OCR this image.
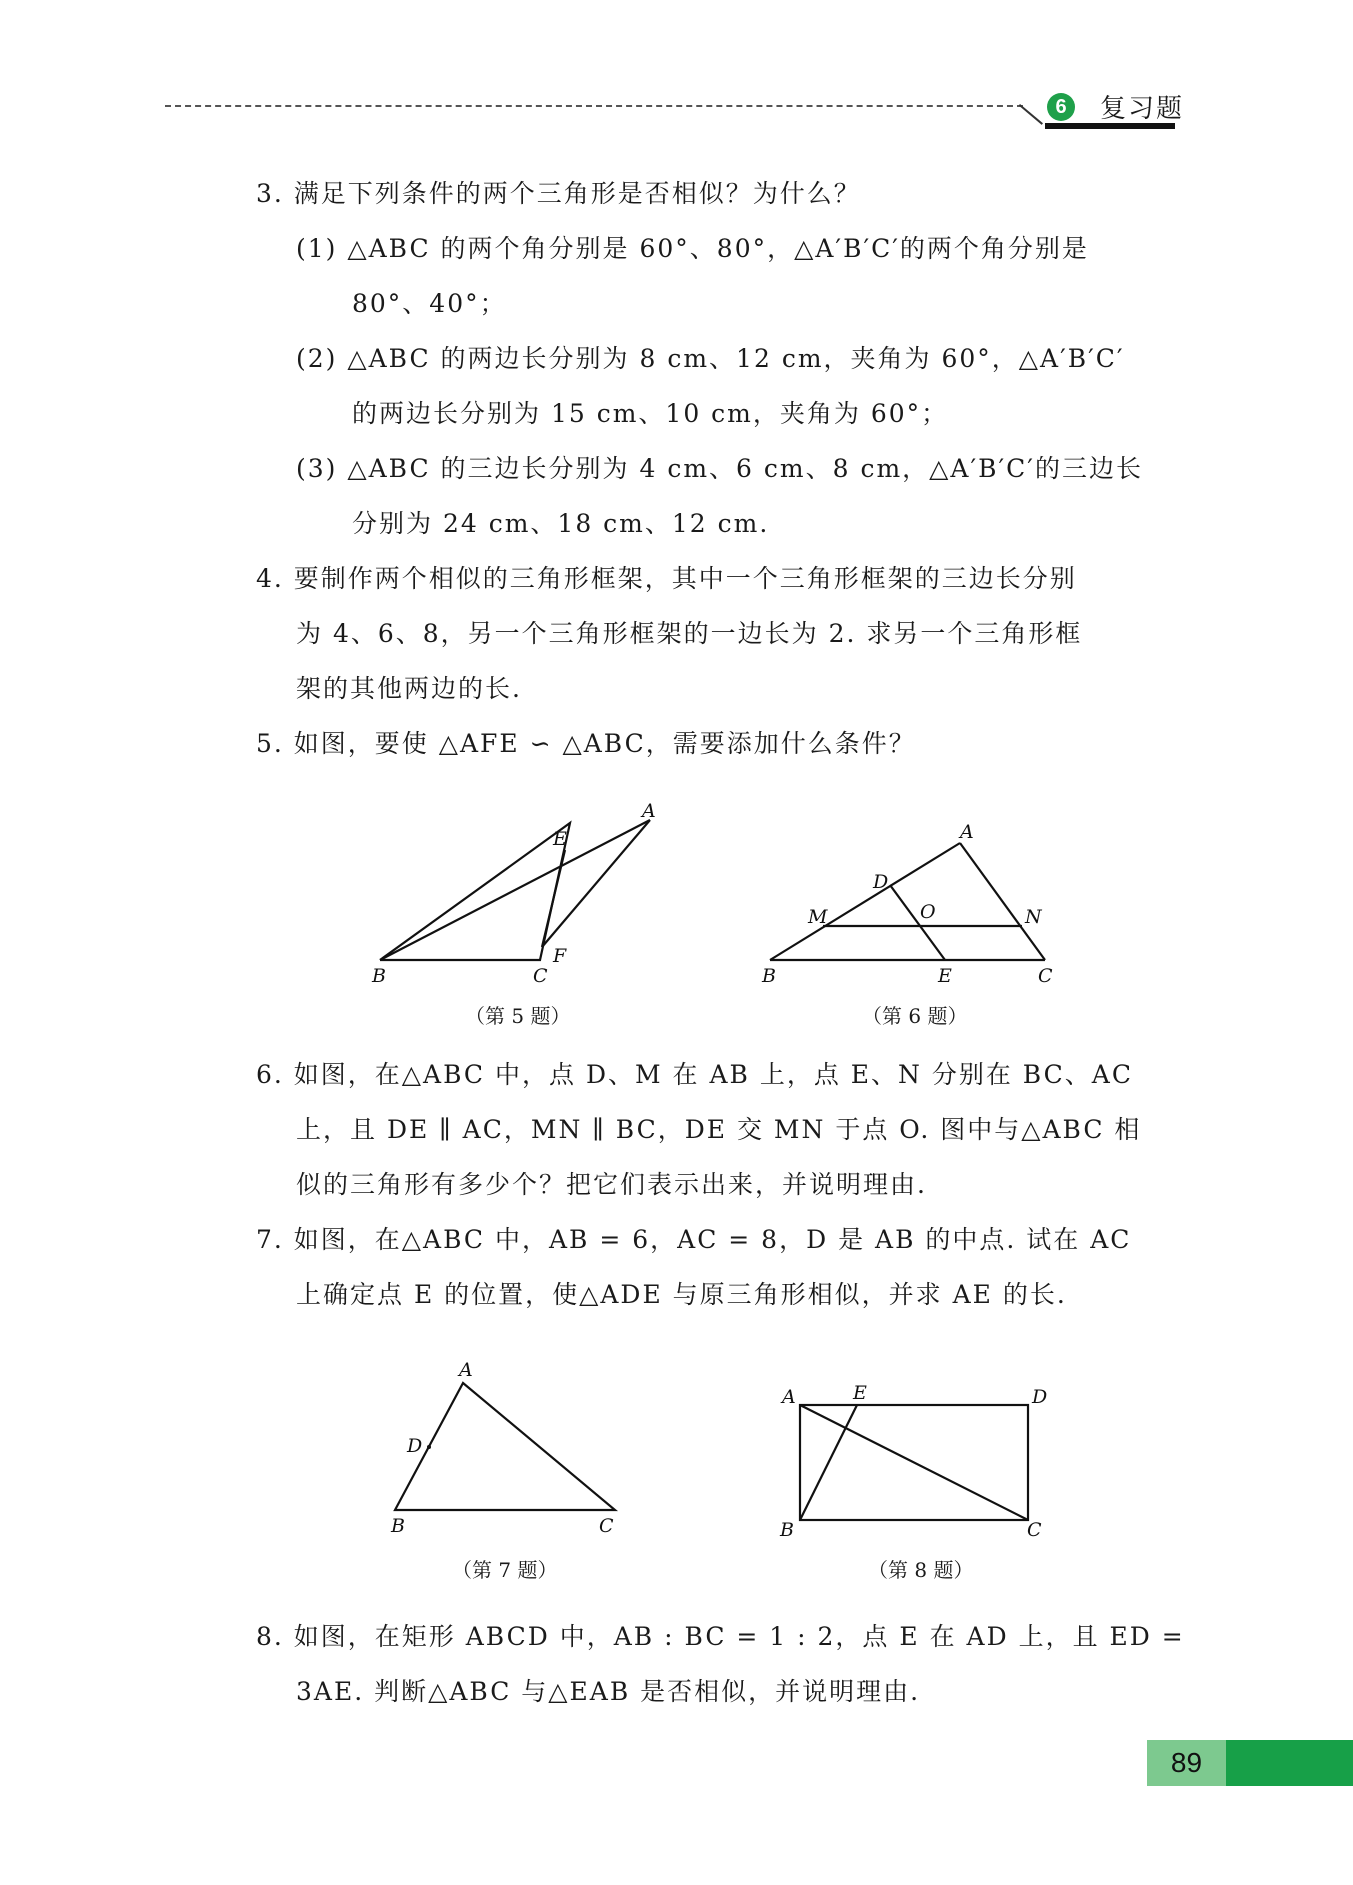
6	复习题
3. 满足下列条件的两个三角形是否相似？为什么？
(1) △ABC 的两个角分别是 60°、80°，△A′B′C′的两个角分别是
80°、40°；
(2) △ABC 的两边长分别为 8 cm、12 cm，夹角为 60°，△A′B′C′
的两边长分别为 15 cm、10 cm，夹角为 60°；
(3) △ABC 的三边长分别为 4 cm、6 cm、8 cm，△A′B′C′的三边长
分别为 24 cm、18 cm、12 cm.
4. 要制作两个相似的三角形框架，其中一个三角形框架的三边长分别
为 4、6、8，另一个三角形框架的一边长为 2. 求另一个三角形框
架的其他两边的长.
5. 如图，要使 △AFE ∽ △ABC，需要添加什么条件？
A
B	C
E
F
（第 5 题）
A
B	C
D
E
M	N
O
（第 6 题）
6. 如图，在△ABC 中，点 D、M 在 AB 上，点 E、N 分别在 BC、AC
上，且 DE ∥ AC，MN ∥ BC，DE 交 MN 于点 O. 图中与△ABC 相
似的三角形有多少个？把它们表示出来，并说明理由.
7. 如图，在△ABC 中，AB = 6，AC = 8，D 是 AB 的中点. 试在 AC
上确定点 E 的位置，使△ADE 与原三角形相似，并求 AE 的长.
A
B	C
D
（第 7 题）
A
B	C
D
E
（第 8 题）
8. 如图，在矩形 ABCD 中，AB : BC = 1 : 2，点 E 在 AD 上，且 ED =
3AE. 判断△ABC 与△EAB 是否相似，并说明理由.
89
